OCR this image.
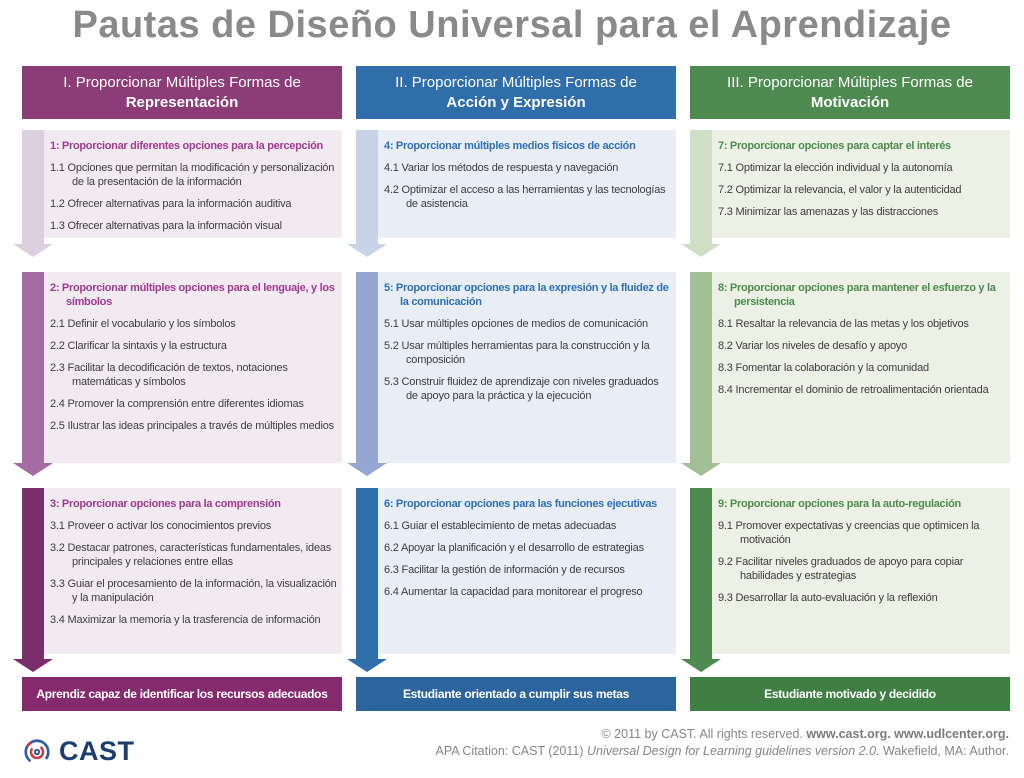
Pautas de Diseño Universal para el Aprendizaje
I. Proporcionar Múltiples Formas de
Representación
1: Proporcionar diferentes opciones para la percepción
1.1 Opciones que permitan la modificación y personalización de la presentación de la información
1.2 Ofrecer alternativas para la información auditiva
1.3 Ofrecer alternativas para la información visual
2: Proporcionar múltiples opciones para el lenguaje, y los símbolos
2.1 Definir el vocabulario y los símbolos
2.2 Clarificar la sintaxis y la estructura
2.3 Facilitar la decodificación de textos, notaciones matemáticas y símbolos
2.4 Promover la comprensión entre diferentes idiomas
2.5 Ilustrar las ideas principales a través de múltiples medios
3: Proporcionar opciones para la comprensión
3.1 Proveer o activar los conocimientos previos
3.2 Destacar patrones, características fundamentales, ideas principales y relaciones entre ellas
3.3 Guiar el procesamiento de la información, la visualización y la manipulación
3.4 Maximizar la memoria y la trasferencia de información
Aprendiz capaz de identificar los recursos adecuados
II. Proporcionar Múltiples Formas de
Acción y Expresión
4: Proporcionar múltiples medios físicos de acción
4.1 Variar los métodos de respuesta y navegación
4.2 Optimizar el acceso a las herramientas y las tecnologías de asistencia
5: Proporcionar opciones para la expresión y la fluidez de la comunicación
5.1 Usar múltiples opciones de medios de comunicación
5.2 Usar múltiples herramientas para la construcción y la composición
5.3 Construir fluidez de aprendizaje con niveles graduados de apoyo para la práctica y la ejecución
6: Proporcionar opciones para las funciones ejecutivas
6.1 Guiar el establecimiento de metas adecuadas
6.2 Apoyar la planificación y el desarrollo de estrategias
6.3 Facilitar la gestión de información y de recursos
6.4 Aumentar la capacidad para monitorear el progreso
Estudiante orientado a cumplir sus metas
III. Proporcionar Múltiples Formas de
Motivación
7: Proporcionar opciones para captar el interés
7.1 Optimizar la elección individual y la autonomía
7.2 Optimizar la relevancia, el valor y la autenticidad
7.3 Minimizar las amenazas y las distracciones
8: Proporcionar opciones para mantener el esfuerzo y la persistencia
8.1 Resaltar la relevancia de las metas y los objetivos
8.2 Variar los niveles de desafío y apoyo
8.3 Fomentar la colaboración y la comunidad
8.4 Incrementar el dominio de retroalimentación orientada
9: Proporcionar opciones para la auto-regulación
9.1 Promover expectativas y creencias que optimicen la motivación
9.2 Facilitar niveles graduados de apoyo para copiar habilidades y estrategias
9.3 Desarrollar la auto-evaluación y la reflexión
Estudiante motivado y decidido
CAST
© 2011 by CAST. All rights reserved. www.cast.org. www.udlcenter.org.
APA Citation: CAST (2011) Universal Design for Learning guidelines version 2.0. Wakefield, MA: Author.
